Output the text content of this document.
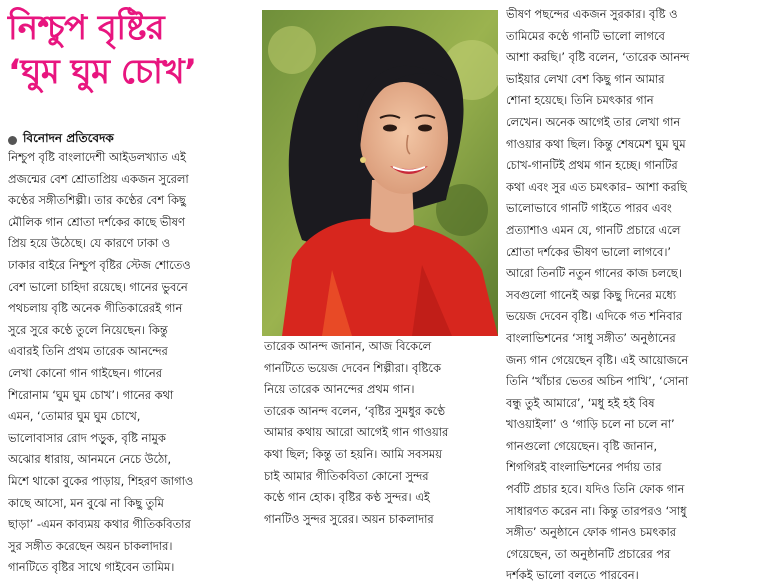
নিশ্চুপ বৃষ্টির
‘ঘুম ঘুম চোখ’
বিনোদন প্রতিবেদক

নিশ্চুপ বৃষ্টি বাংলাদেশী আইডলখ্যাত এই

প্রজন্মের বেশ শ্রোতাপ্রিয় একজন সুরেলা

কণ্ঠের সঙ্গীতশিল্পী। তার কণ্ঠের বেশ কিছু

মৌলিক গান শ্রোতা দর্শকের কাছে ভীষণ

প্রিয় হয়ে উঠেছে। যে কারণে ঢাকা ও

ঢাকার বাইরে নিশ্চুপ বৃষ্টির স্টেজ শোতেও

বেশ ভালো চাহিদা রয়েছে। গানের ভুবনে

পথচলায় বৃষ্টি অনেক গীতিকারেরই গান

সুরে সুরে কণ্ঠে তুলে নিয়েছেন। কিন্তু

এবারই তিনি প্রথম তারেক আনন্দের

লেখা কোনো গান গাইছেন। গানের

শিরোনাম ‘ঘুম ঘুম চোখ’। গানের কথা

এমন, ‘তোমার ঘুম ঘুম চোখে,

ভালোবাসার রোদ পড়ুক, বৃষ্টি নামুক

অঝোর ধারায়, আনমনে নেচে উঠো,

মিশে থাকো বুকের পাড়ায়, শিহরণ জাগাও

কাছে আসো, মন বুঝে না কিছু তুমি

ছাড়া’ -এমন কাব্যময় কথার গীতিকবিতার

সুর সঙ্গীত করেছেন অয়ন চাকলাদার।

গানটিতে বৃষ্টির সাথে গাইবেন তামিম।

তারেক আনন্দ জানান, আজ বিকেলে

গানটিতে ভয়েজ দেবেন শিল্পীরা। বৃষ্টিকে

নিয়ে তারেক আনন্দের প্রথম গান।

তারেক আনন্দ বলেন, ‘বৃষ্টির সুমধুর কণ্ঠে

আমার কথায় আরো আগেই গান গাওয়ার

কথা ছিল; কিন্তু তা হয়নি। আমি সবসময়

চাই আমার গীতিকবিতা কোনো সুন্দর

কণ্ঠে গান হোক। বৃষ্টির কণ্ঠ সুন্দর। এই

গানটিও সুন্দর সুরের। অয়ন চাকলাদার

ভীষণ পছন্দের একজন সুরকার। বৃষ্টি ও

তামিমের কণ্ঠে গানটি ভালো লাগবে

আশা করছি।’ বৃষ্টি বলেন, ‘তারেক আনন্দ

ভাইয়ার লেখা বেশ কিছু গান আমার

শোনা হয়েছে। তিনি চমৎকার গান

লেখেন। অনেক আগেই তার লেখা গান

গাওয়ার কথা ছিল। কিন্তু শেষমেশ ঘুম ঘুম

চোখ-গানটিই প্রথম গান হচ্ছে। গানটির

কথা এবং সুর এত চমৎকার– আশা করছি

ভালোভাবে গানটি গাইতে পারব এবং

প্রত্যাশাও এমন যে, গানটি প্রচারে এলে

শ্রোতা দর্শকের ভীষণ ভালো লাগবে।’

আরো তিনটি নতুন গানের কাজ চলছে।

সবগুলো গানেই অল্প কিছু দিনের মধ্যে

ভয়েজ দেবেন বৃষ্টি। এদিকে গত শনিবার

বাংলাভিশনের ‘সাধু সঙ্গীত’ অনুষ্ঠানের

জন্য গান গেয়েছেন বৃষ্টি। এই আয়োজনে

তিনি ‘খাঁচার ভেতর অচিন পাখি’, ‘সোনা

বন্ধু তুই আমারে’, ‘মধু হই হই বিষ

খাওয়াইলা’ ও ‘গাড়ি চলে না চলে না’

গানগুলো গেয়েছেন। বৃষ্টি জানান,

শিগগিরই বাংলাভিশনের পর্দায় তার

পর্বটি প্রচার হবে। যদিও তিনি ফোক গান

সাধারণত করেন না। কিন্তু তারপরও ‘সাধু

সঙ্গীত’ অনুষ্ঠানে ফোক গানও চমৎকার

গেয়েছেন, তা অনুষ্ঠানটি প্রচারের পর

দর্শকই ভালো বলতে পারবেন।
